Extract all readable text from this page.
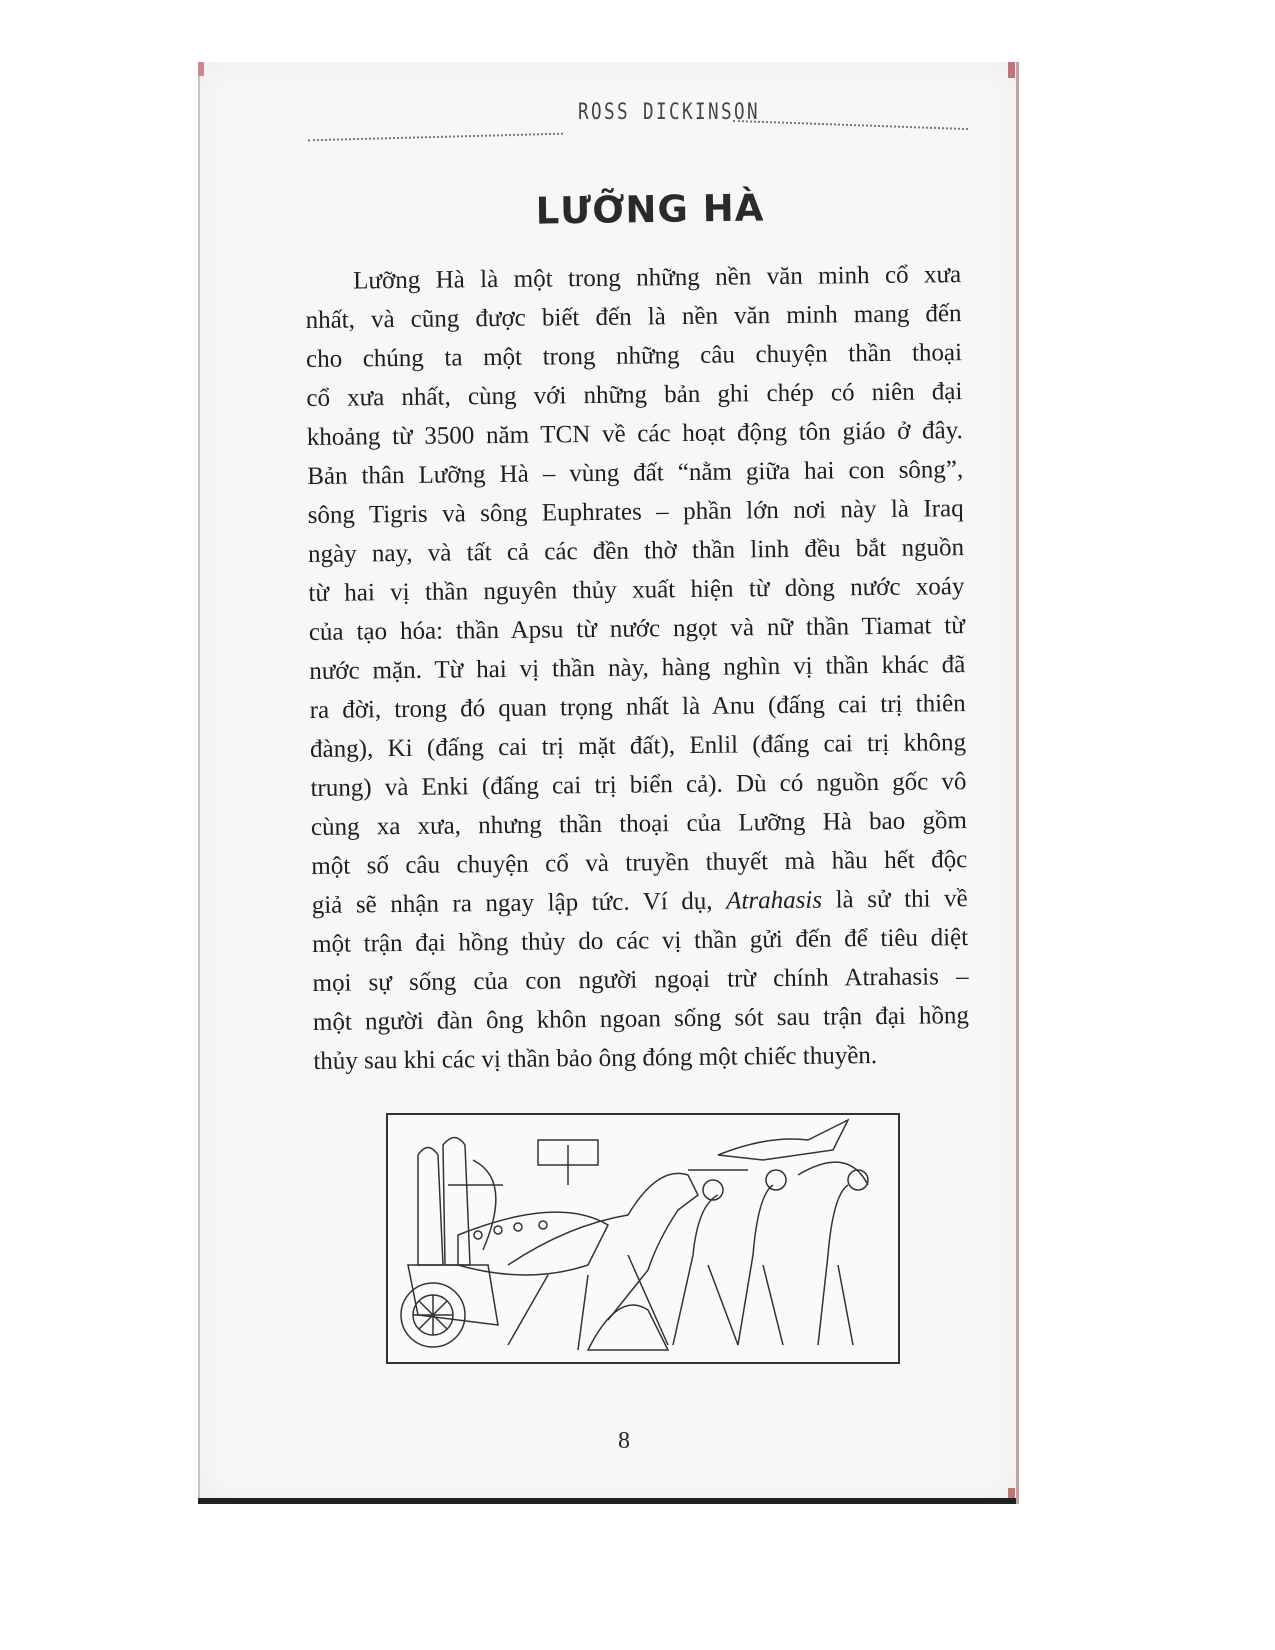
ROSS DICKINSON
LƯỠNG HÀ
Lưỡng Hà là một trong những nền văn minh cổ xưa
nhất, và cũng được biết đến là nền văn minh mang đến
cho chúng ta một trong những câu chuyện thần thoại
cổ xưa nhất, cùng với những bản ghi chép có niên đại
khoảng từ 3500 năm TCN về các hoạt động tôn giáo ở đây.
Bản thân Lưỡng Hà – vùng đất “nằm giữa hai con sông”,
sông Tigris và sông Euphrates – phần lớn nơi này là Iraq
ngày nay, và tất cả các đền thờ thần linh đều bắt nguồn
từ hai vị thần nguyên thủy xuất hiện từ dòng nước xoáy
của tạo hóa: thần Apsu từ nước ngọt và nữ thần Tiamat từ
nước mặn. Từ hai vị thần này, hàng nghìn vị thần khác đã
ra đời, trong đó quan trọng nhất là Anu (đấng cai trị thiên
đàng), Ki (đấng cai trị mặt đất), Enlil (đấng cai trị không
trung) và Enki (đấng cai trị biển cả). Dù có nguồn gốc vô
cùng xa xưa, nhưng thần thoại của Lưỡng Hà bao gồm
một số câu chuyện cổ và truyền thuyết mà hầu hết độc
giả sẽ nhận ra ngay lập tức. Ví dụ, Atrahasis là sử thi về
một trận đại hồng thủy do các vị thần gửi đến để tiêu diệt
mọi sự sống của con người ngoại trừ chính Atrahasis –
một người đàn ông khôn ngoan sống sót sau trận đại hồng
thủy sau khi các vị thần bảo ông đóng một chiếc thuyền.
8
